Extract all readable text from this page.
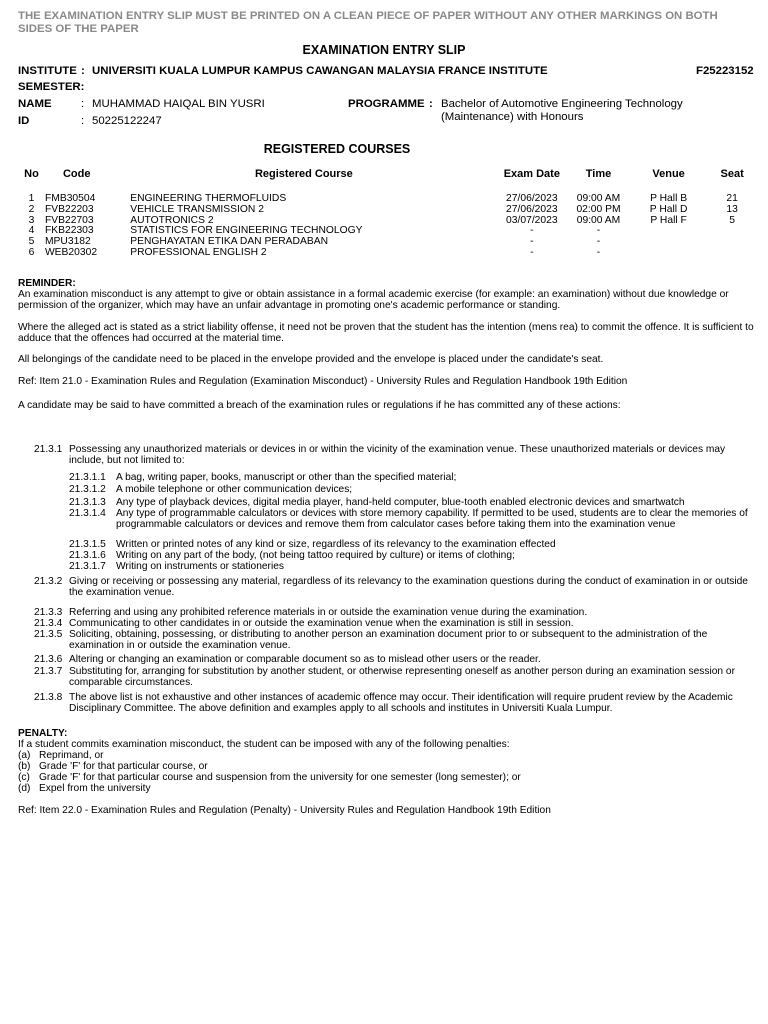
THE EXAMINATION ENTRY SLIP MUST BE PRINTED ON A CLEAN PIECE OF PAPER WITHOUT ANY OTHER MARKINGS ON BOTH SIDES OF THE PAPER
EXAMINATION ENTRY SLIP
INSTITUTE : UNIVERSITI KUALA LUMPUR KAMPUS CAWANGAN MALAYSIA FRANCE INSTITUTE	F25223152
SEMESTER:
NAME	: MUHAMMAD HAIQAL BIN YUSRI
ID	: 50225122247
PROGRAMME : Bachelor of Automotive Engineering Technology
(Maintenance) with Honours
REGISTERED COURSES
No	Code	Registered Course	Exam Date	Time	Venue	Seat
1	FMB30504	ENGINEERING THERMOFLUIDS	27/06/2023	09:00 AM	P Hall B	21
2	FVB22203	VEHICLE TRANSMISSION 2	27/06/2023	02:00 PM	P Hall D	13
3	FVB22703	AUTOTRONICS 2	03/07/2023	09:00 AM	P Hall F	5
4	FKB22303	STATISTICS FOR ENGINEERING TECHNOLOGY	-	-		
5	MPU3182	PENGHAYATAN ETIKA DAN PERADABAN	-	-		
6	WEB20302	PROFESSIONAL ENGLISH 2	-	-		
REMINDER:
An examination misconduct is any attempt to give or obtain assistance in a formal academic exercise (for example: an examination) without due knowledge or permission of the organizer, which may have an unfair advantage in promoting one's academic performance or standing.
Where the alleged act is stated as a strict liability offense, it need not be proven that the student has the intention (mens rea) to commit the offence. It is sufficient to adduce that the offences had occurred at the material time.
All belongings of the candidate need to be placed in the envelope provided and the envelope is placed under the candidate's seat.
Ref: Item 21.0 - Examination Rules and Regulation (Examination Misconduct) - University Rules and Regulation Handbook 19th Edition
A candidate may be said to have committed a breach of the examination rules or regulations if he has committed any of these actions:
21.3.1 Possessing any unauthorized materials or devices in or within the vicinity of the examination venue. These unauthorized materials or devices may include, but not limited to:
21.3.1.1 A bag, writing paper, books, manuscript or other than the specified material;
21.3.1.2 A mobile telephone or other communication devices;
21.3.1.3 Any type of playback devices, digital media player, hand-held computer, blue-tooth enabled electronic devices and smartwatch
21.3.1.4 Any type of programmable calculators or devices with store memory capability. If permitted to be used, students are to clear the memories of programmable calculators or devices and remove them from calculator cases before taking them into the examination venue
21.3.1.5 Written or printed notes of any kind or size, regardless of its relevancy to the examination effected
21.3.1.6 Writing on any part of the body, (not being tattoo required by culture) or items of clothing;
21.3.1.7 Writing on instruments or stationeries
21.3.2 Giving or receiving or possessing any material, regardless of its relevancy to the examination questions during the conduct of examination in or outside the examination venue.
21.3.3 Referring and using any prohibited reference materials in or outside the examination venue during the examination.
21.3.4 Communicating to other candidates in or outside the examination venue when the examination is still in session.
21.3.5 Soliciting, obtaining, possessing, or distributing to another person an examination document prior to or subsequent to the administration of the examination in or outside the examination venue.
21.3.6 Altering or changing an examination or comparable document so as to mislead other users or the reader.
21.3.7 Substituting for, arranging for substitution by another student, or otherwise representing oneself as another person during an examination session or comparable circumstances.
21.3.8 The above list is not exhaustive and other instances of academic offence may occur. Their identification will require prudent review by the Academic Disciplinary Committee. The above definition and examples apply to all schools and institutes in Universiti Kuala Lumpur.
PENALTY:
If a student commits examination misconduct, the student can be imposed with any of the following penalties:
(a) Reprimand, or
(b) Grade 'F' for that particular course, or
(c) Grade 'F' for that particular course and suspension from the university for one semester (long semester); or
(d) Expel from the university
Ref: Item 22.0 - Examination Rules and Regulation (Penalty) - University Rules and Regulation Handbook 19th Edition
